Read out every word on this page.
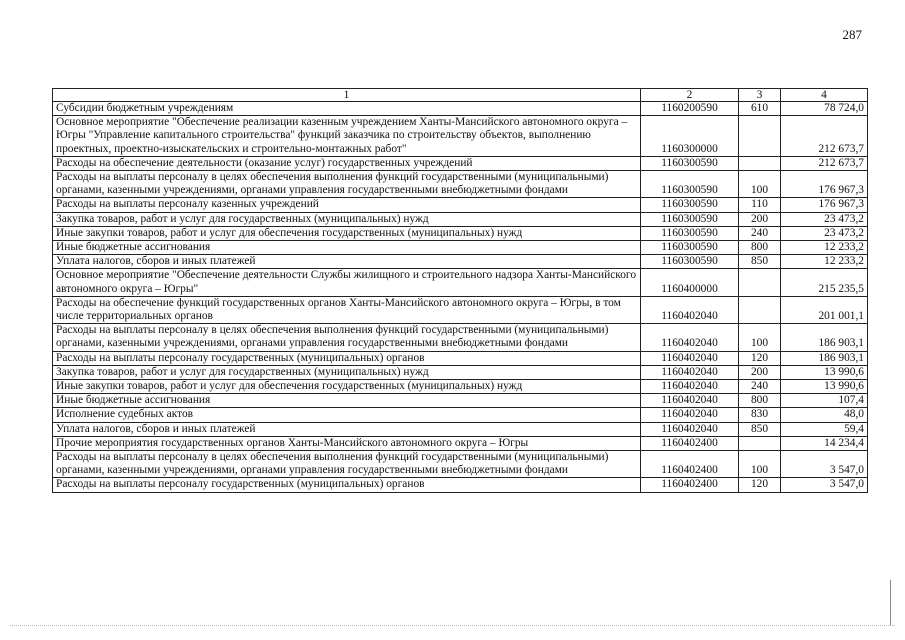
287
1	2	3	4
Субсидии бюджетным учреждениям	1160200590	610	78 724,0
Основное мероприятие "Обеспечение реализации казенным учреждением Ханты-Мансийского автономного округа – Югры "Управление капитального строительства" функций заказчика по строительству объектов, выполнению проектных, проектно-изыскательских и строительно-монтажных работ"	1160300000		212 673,7
Расходы на обеспечение деятельности (оказание услуг) государственных учреждений	1160300590		212 673,7
Расходы на выплаты персоналу в целях обеспечения выполнения функций государственными (муниципальными) органами, казенными учреждениями, органами управления государственными внебюджетными фондами	1160300590	100	176 967,3
Расходы на выплаты персоналу казенных учреждений	1160300590	110	176 967,3
Закупка товаров, работ и услуг для государственных (муниципальных) нужд	1160300590	200	23 473,2
Иные закупки товаров, работ и услуг для обеспечения государственных (муниципальных) нужд	1160300590	240	23 473,2
Иные бюджетные ассигнования	1160300590	800	12 233,2
Уплата налогов, сборов и иных платежей	1160300590	850	12 233,2
Основное мероприятие "Обеспечение деятельности Службы жилищного и строительного надзора Ханты-Мансийского автономного округа – Югры"	1160400000		215 235,5
Расходы на обеспечение функций государственных органов Ханты-Мансийского автономного округа – Югры, в том числе территориальных органов	1160402040		201 001,1
Расходы на выплаты персоналу в целях обеспечения выполнения функций государственными (муниципальными) органами, казенными учреждениями, органами управления государственными внебюджетными фондами	1160402040	100	186 903,1
Расходы на выплаты персоналу государственных (муниципальных) органов	1160402040	120	186 903,1
Закупка товаров, работ и услуг для государственных (муниципальных) нужд	1160402040	200	13 990,6
Иные закупки товаров, работ и услуг для обеспечения государственных (муниципальных) нужд	1160402040	240	13 990,6
Иные бюджетные ассигнования	1160402040	800	107,4
Исполнение судебных актов	1160402040	830	48,0
Уплата налогов, сборов и иных платежей	1160402040	850	59,4
Прочие мероприятия государственных органов Ханты-Мансийского автономного округа – Югры	1160402400		14 234,4
Расходы на выплаты персоналу в целях обеспечения выполнения функций государственными (муниципальными) органами, казенными учреждениями, органами управления государственными внебюджетными фондами	1160402400	100	3 547,0
Расходы на выплаты персоналу государственных (муниципальных) органов	1160402400	120	3 547,0
